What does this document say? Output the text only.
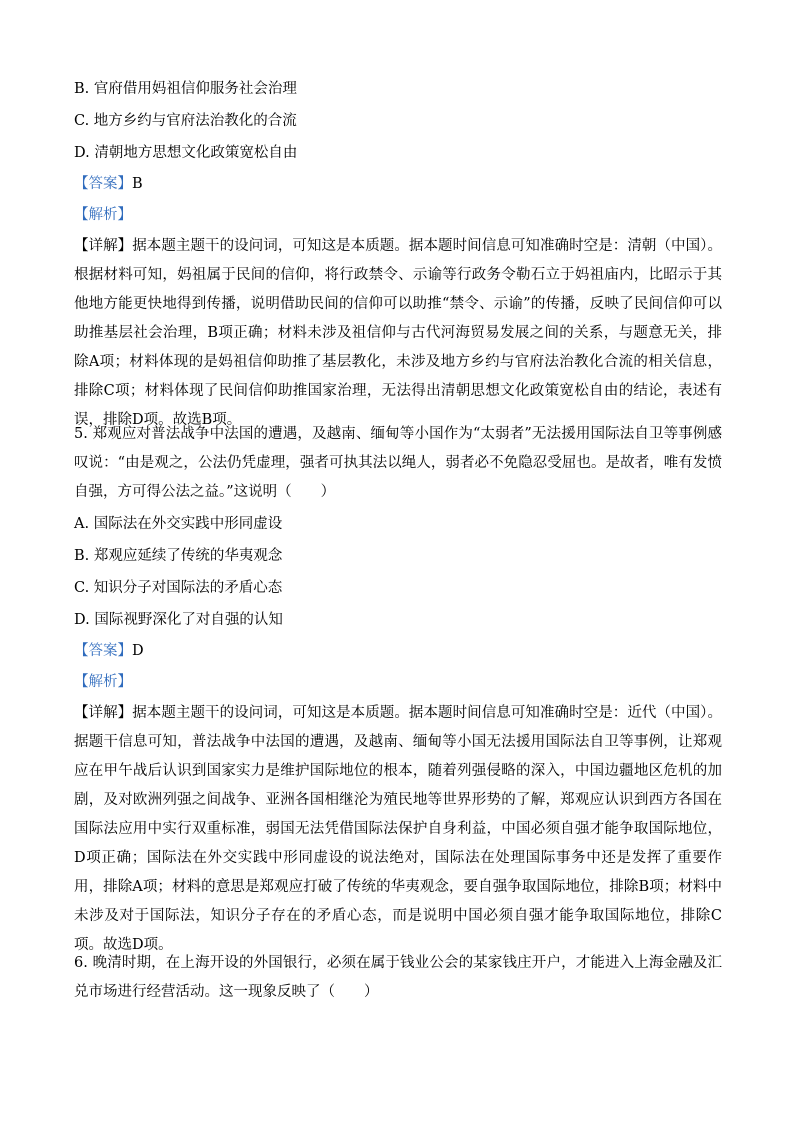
B. 官府借用妈祖信仰服务社会治理
C. 地方乡约与官府法治教化的合流
D. 清朝地方思想文化政策宽松自由
【答案】B
【解析】
【详解】据本题主题干的设问词，可知这是本质题。据本题时间信息可知准确时空是：清朝（中国）。根据材料可知，妈祖属于民间的信仰，将行政禁令、示谕等行政务令勒石立于妈祖庙内，比昭示于其他地方能更快地得到传播，说明借助民间的信仰可以助推“禁令、示谕”的传播，反映了民间信仰可以助推基层社会治理，B项正确；材料未涉及祖信仰与古代河海贸易发展之间的关系，与题意无关，排除A项；材料体现的是妈祖信仰助推了基层教化，未涉及地方乡约与官府法治教化合流的相关信息，排除C项；材料体现了民间信仰助推国家治理，无法得出清朝思想文化政策宽松自由的结论，表述有误，排除D项。故选B项。
5. 郑观应对普法战争中法国的遭遇，及越南、缅甸等小国作为“太弱者”无法援用国际法自卫等事例感叹说：“由是观之，公法仍凭虚理，强者可执其法以绳人，弱者必不免隐忍受屈也。是故者，唯有发愤自强，方可得公法之益。”这说明（　　）
A. 国际法在外交实践中形同虚设
B. 郑观应延续了传统的华夷观念
C. 知识分子对国际法的矛盾心态
D. 国际视野深化了对自强的认知
【答案】D
【解析】
【详解】据本题主题干的设问词，可知这是本质题。据本题时间信息可知准确时空是：近代（中国）。据题干信息可知，普法战争中法国的遭遇，及越南、缅甸等小国无法援用国际法自卫等事例，让郑观应在甲午战后认识到国家实力是维护国际地位的根本，随着列强侵略的深入，中国边疆地区危机的加剧，及对欧洲列强之间战争、亚洲各国相继沦为殖民地等世界形势的了解，郑观应认识到西方各国在国际法应用中实行双重标准，弱国无法凭借国际法保护自身利益，中国必须自强才能争取国际地位，D项正确；国际法在外交实践中形同虚设的说法绝对，国际法在处理国际事务中还是发挥了重要作用，排除A项；材料的意思是郑观应打破了传统的华夷观念，要自强争取国际地位，排除B项；材料中未涉及对于国际法，知识分子存在的矛盾心态，而是说明中国必须自强才能争取国际地位，排除C项。故选D项。
6. 晚清时期，在上海开设的外国银行，必须在属于钱业公会的某家钱庄开户，才能进入上海金融及汇兑市场进行经营活动。这一现象反映了（　　）
